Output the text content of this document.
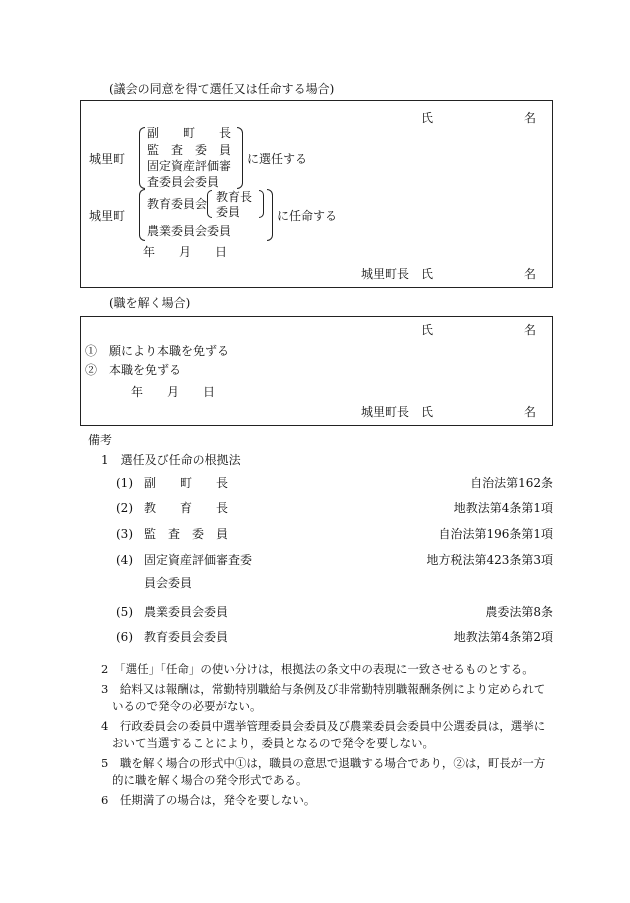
(議会の同意を得て選任又は任命する場合)
氏	名
城里町
副　　町　　長
監　査　委　員
固定資産評価審
査委員会委員
に選任する
城里町
教育委員会 教育長
委員
農業委員会委員
に任命する
年　　月　　日
城里町長 氏	名
(職を解く場合)
氏	名
①　願により本職を免ずる
②　本職を免ずる
年　　月　　日
城里町長 氏	名
備考
1　選任及び任命の根拠法
(1) 副　　町　　長	自治法第162条
(2) 教　　育　　長	地教法第4条第1項
(3) 監　査　委　員	自治法第196条第1項
(4) 固定資産評価審査委	地方税法第423条第3項
員会委員
(5) 農業委員会委員	農委法第8条
(6) 教育委員会委員	地教法第4条第2項
2　「選任」「任命」の使い分けは，根拠法の条文中の表現に一致させるものとする。
3　給料又は報酬は，常勤特別職給与条例及び非常勤特別職報酬条例により定められて
いるので発令の必要がない。
4　行政委員会の委員中選挙管理委員会委員及び農業委員会委員中公選委員は，選挙に
おいて当選することにより，委員となるので発令を要しない。
5　職を解く場合の形式中①は，職員の意思で退職する場合であり，②は，町長が一方
的に職を解く場合の発令形式である。
6　任期満了の場合は，発令を要しない。
